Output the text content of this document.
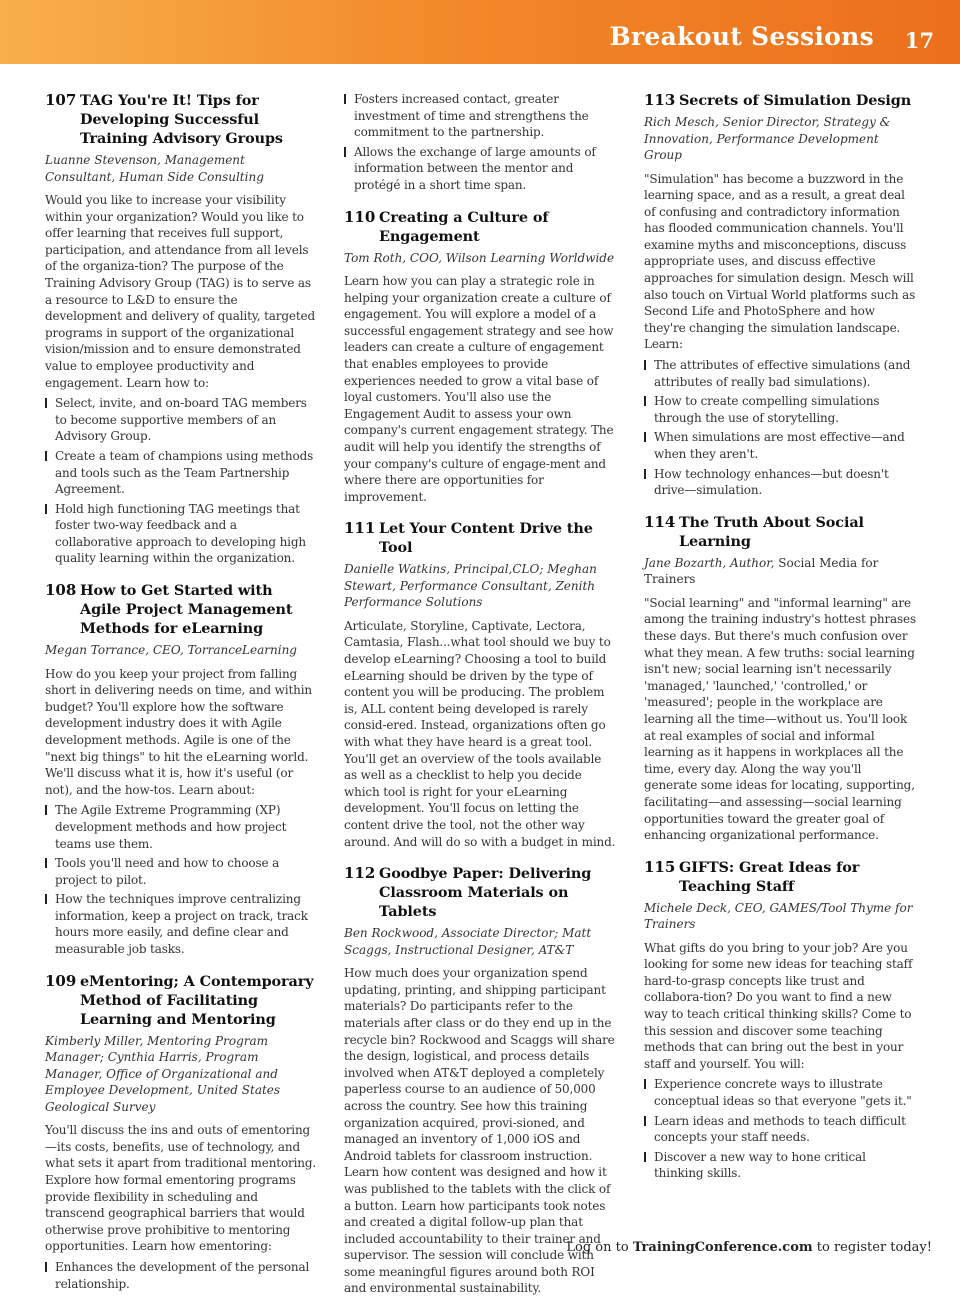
Breakout Sessions 17
107 TAG You're It! Tips for Developing Successful Training Advisory Groups

Luanne Stevenson, Management Consultant, Human Side Consulting

Would you like to increase your visibility within your organization? Would you like to offer learning that receives full support, participation, and attendance from all levels of the organiza-tion? The purpose of the Training Advisory Group (TAG) is to serve as a resource to L&D to ensure the development and delivery of quality, targeted programs in support of the organizational vision/mission and to ensure demonstrated value to employee productivity and engagement. Learn how to:

Select, invite, and on-board TAG members to become supportive members of an Advisory Group.
Create a team of champions using methods and tools such as the Team Partnership Agreement.
Hold high functioning TAG meetings that foster two-way feedback and a collaborative approach to developing high quality learning within the organization.
108 How to Get Started with Agile Project Management Methods for eLearning

Megan Torrance, CEO, TorranceLearning

How do you keep your project from falling short in delivering needs on time, and within budget? You'll explore how the software development industry does it with Agile development methods. Agile is one of the "next big things" to hit the eLearning world. We'll discuss what it is, how it's useful (or not), and the how-tos. Learn about:

The Agile Extreme Programming (XP) development methods and how project teams use them.
Tools you'll need and how to choose a project to pilot.
How the techniques improve centralizing information, keep a project on track, track hours more easily, and define clear and measurable job tasks.
109 eMentoring; A Contemporary Method of Facilitating Learning and Mentoring

Kimberly Miller, Mentoring Program Manager; Cynthia Harris, Program Manager, Office of Organizational and Employee Development, United States Geological Survey

You'll discuss the ins and outs of ementoring—its costs, benefits, use of technology, and what sets it apart from traditional mentoring. Explore how formal ementoring programs provide flexibility in scheduling and transcend geographical barriers that would otherwise prove prohibitive to mentoring opportunities. Learn how ementoring:

Enhances the development of the personal relationship.
Fosters increased contact, greater investment of time and strengthens the commitment to the partnership.
Allows the exchange of large amounts of information between the mentor and protégé in a short time span.
110 Creating a Culture of Engagement

Tom Roth, COO, Wilson Learning Worldwide

Learn how you can play a strategic role in helping your organization create a culture of engagement. You will explore a model of a successful engagement strategy and see how leaders can create a culture of engagement that enables employees to provide experiences needed to grow a vital base of loyal customers. You'll also use the Engagement Audit to assess your own company's current engagement strategy. The audit will help you identify the strengths of your company's culture of engage-ment and where there are opportunities for improvement.

111 Let Your Content Drive the Tool

Danielle Watkins, Principal,CLO; Meghan Stewart, Performance Consultant, Zenith Performance Solutions

Articulate, Storyline, Captivate, Lectora, Camtasia, Flash...what tool should we buy to develop eLearning? Choosing a tool to build eLearning should be driven by the type of content you will be producing. The problem is, ALL content being developed is rarely consid-ered. Instead, organizations often go with what they have heard is a great tool. You'll get an overview of the tools available as well as a checklist to help you decide which tool is right for your eLearning development. You'll focus on letting the content drive the tool, not the other way around. And will do so with a budget in mind.

112 Goodbye Paper: Delivering Classroom Materials on Tablets

Ben Rockwood, Associate Director; Matt Scaggs, Instructional Designer, AT&T

How much does your organization spend updating, printing, and shipping participant materials? Do participants refer to the materials after class or do they end up in the recycle bin? Rockwood and Scaggs will share the design, logistical, and process details involved when AT&T deployed a completely paperless course to an audience of 50,000 across the country. See how this training organization acquired, provi-sioned, and managed an inventory of 1,000 iOS and Android tablets for classroom instruction. Learn how content was designed and how it was published to the tablets with the click of a button. Learn how participants took notes and created a digital follow-up plan that included accountability to their trainer and supervisor. The session will conclude with some meaningful figures around both ROI and environmental sustainability.

113 Secrets of Simulation Design

Rich Mesch, Senior Director, Strategy & Innovation, Performance Development Group

"Simulation" has become a buzzword in the learning space, and as a result, a great deal of confusing and contradictory information has flooded communication channels. You'll examine myths and misconceptions, discuss appropriate uses, and discuss effective approaches for simulation design. Mesch will also touch on Virtual World platforms such as Second Life and PhotoSphere and how they're changing the simulation landscape. Learn:

The attributes of effective simulations (and attributes of really bad simulations).
How to create compelling simulations through the use of storytelling.
When simulations are most effective—and when they aren't.
How technology enhances—but doesn't drive—simulation.
114 The Truth About Social Learning

Jane Bozarth, Author, Social Media for Trainers

"Social learning" and "informal learning" are among the training industry's hottest phrases these days. But there's much confusion over what they mean. A few truths: social learning isn't new; social learning isn't necessarily 'managed,' 'launched,' 'controlled,' or 'measured'; people in the workplace are learning all the time—without us. You'll look at real examples of social and informal learning as it happens in workplaces all the time, every day. Along the way you'll generate some ideas for locating, supporting, facilitating—and assessing—social learning opportunities toward the greater goal of enhancing organizational performance.

115 GIFTS: Great Ideas for Teaching Staff

Michele Deck, CEO, GAMES/Tool Thyme for Trainers

What gifts do you bring to your job? Are you looking for some new ideas for teaching staff hard-to-grasp concepts like trust and collabora-tion? Do you want to find a new way to teach critical thinking skills? Come to this session and discover some teaching methods that can bring out the best in your staff and yourself. You will:

Experience concrete ways to illustrate conceptual ideas so that everyone "gets it."
Learn ideas and methods to teach difficult concepts your staff needs.
Discover a new way to hone critical thinking skills.
Log on to TrainingConference.com to register today!
